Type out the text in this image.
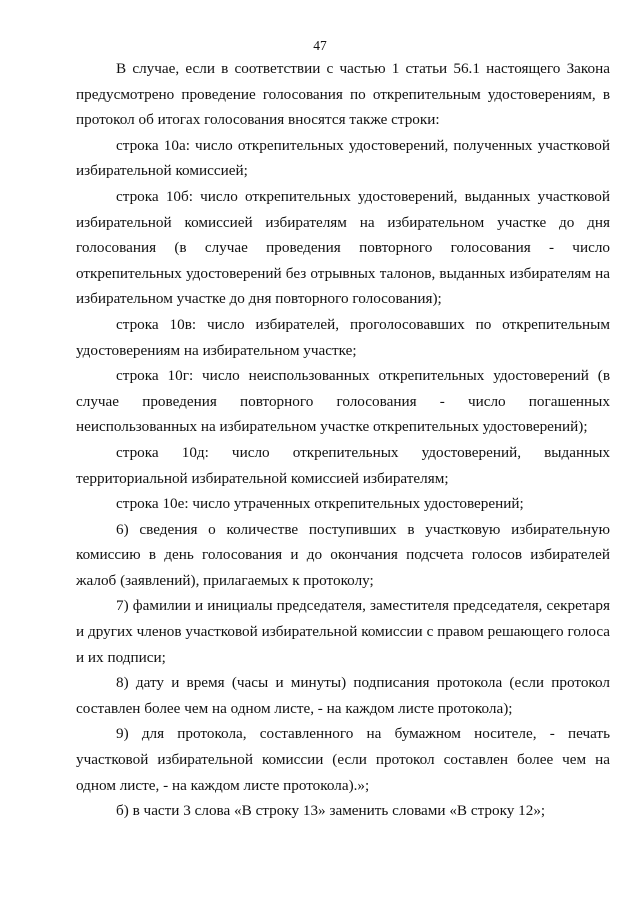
47

В случае, если в соответствии с частью 1 статьи 56.1 настоящего Закона предусмотрено проведение голосования по открепительным удостоверениям, в протокол об итогах голосования вносятся также строки:

строка 10а: число открепительных удостоверений, полученных участковой избирательной комиссией;

строка 10б: число открепительных удостоверений, выданных участковой избирательной комиссией избирателям на избирательном участке до дня голосования (в случае проведения повторного голосования - число открепительных удостоверений без отрывных талонов, выданных избирателям на избирательном участке до дня повторного голосования);

строка 10в: число избирателей, проголосовавших по открепительным удостоверениям на избирательном участке;

строка 10г: число неиспользованных открепительных удостоверений (в случае проведения повторного голосования - число погашенных неиспользованных на избирательном участке открепительных удостоверений);

строка 10д: число открепительных удостоверений, выданных территориальной избирательной комиссией избирателям;

строка 10е: число утраченных открепительных удостоверений;

6) сведения о количестве поступивших в участковую избирательную комиссию в день голосования и до окончания подсчета голосов избирателей жалоб (заявлений), прилагаемых к протоколу;

7) фамилии и инициалы председателя, заместителя председателя, секретаря и других членов участковой избирательной комиссии с правом решающего голоса и их подписи;

8) дату и время (часы и минуты) подписания протокола (если протокол составлен более чем на одном листе, - на каждом листе протокола);

9) для протокола, составленного на бумажном носителе, - печать участковой избирательной комиссии (если протокол составлен более чем на одном листе, - на каждом листе протокола).»;

б) в части 3 слова «В строку 13» заменить словами «В строку 12»;
